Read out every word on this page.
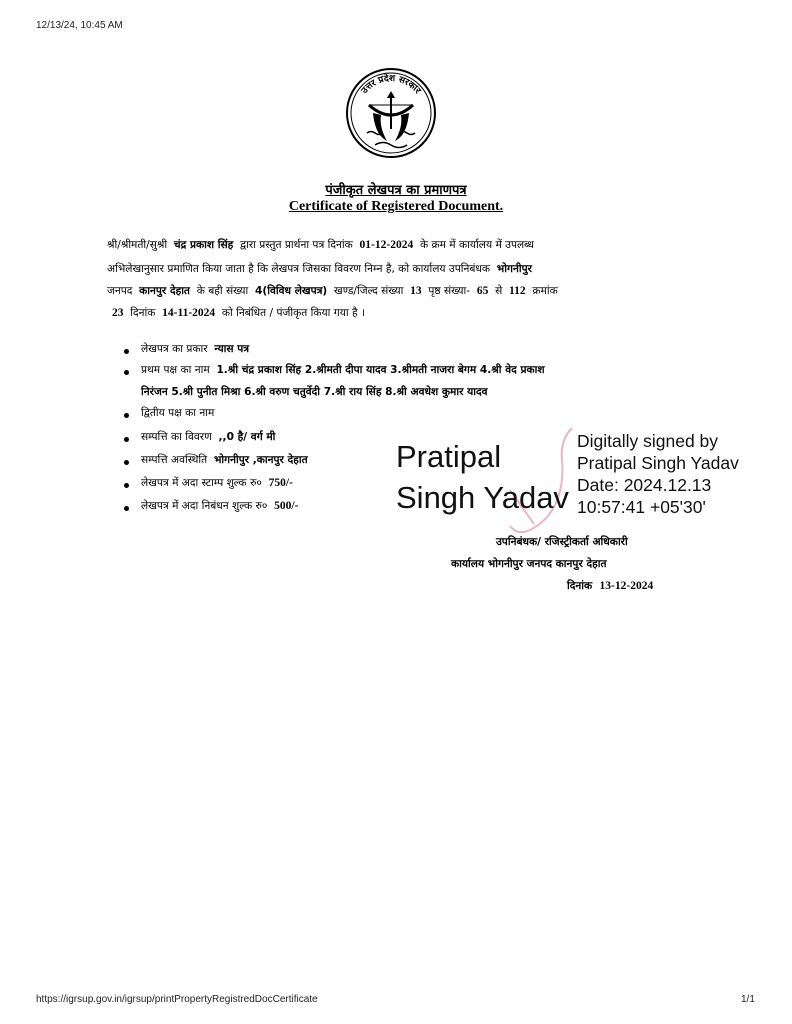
12/13/24, 10:45 AM
https://igrsup.gov.in/igrsup/printPropertyRegistredDocCertificate	1/1
उत्तर प्रदेश सरकार
पंजीकृत लेखपत्र का प्रमाणपत्र
Certificate of Registered Document.
श्री/श्रीमती/सुश्री चंद्र प्रकाश सिंह द्वारा प्रस्तुत प्रार्थना पत्र दिनांक 01-12-2024 के क्रम में कार्यालय में उपलब्ध
अभिलेखानुसार प्रमाणित किया जाता है कि लेखपत्र जिसका विवरण निम्न है, को कार्यालय उपनिबंधक भोगनीपुर
जनपद कानपुर देहात के बही संख्या 4(विविध लेखपत्र) खण्ड/जिल्द संख्या 13 पृष्ठ संख्या- 65 से 112 क्रमांक
23 दिनांक 14-11-2024 को निबंधित / पंजीकृत किया गया है ।
लेखपत्र का प्रकार न्यास पत्र
प्रथम पक्ष का नाम 1.श्री चंद्र प्रकाश सिंह 2.श्रीमती दीपा यादव 3.श्रीमती नाजरा बेगम 4.श्री वेद प्रकाश
निरंजन 5.श्री पुनीत मिश्रा 6.श्री वरुण चतुर्वेदी 7.श्री राय सिंह 8.श्री अवधेश कुमार यादव
द्वितीय पक्ष का नाम
सम्पत्ति का विवरण ,,0 है/ वर्ग मी
सम्पत्ति अवस्थिति भोगनीपुर ,कानपुर देहात
लेखपत्र में अदा स्टाम्प शुल्क रु० 750/-
लेखपत्र में अदा निबंधन शुल्क रु० 500/-
Pratipal
Singh Yadav
Digitally signed by
Pratipal Singh Yadav
Date: 2024.12.13
10:57:41 +05'30'
उपनिबंधक/ रजिस्ट्रीकर्ता अधिकारी
कार्यालय भोगनीपुर जनपद कानपुर देहात
दिनांक 13-12-2024
